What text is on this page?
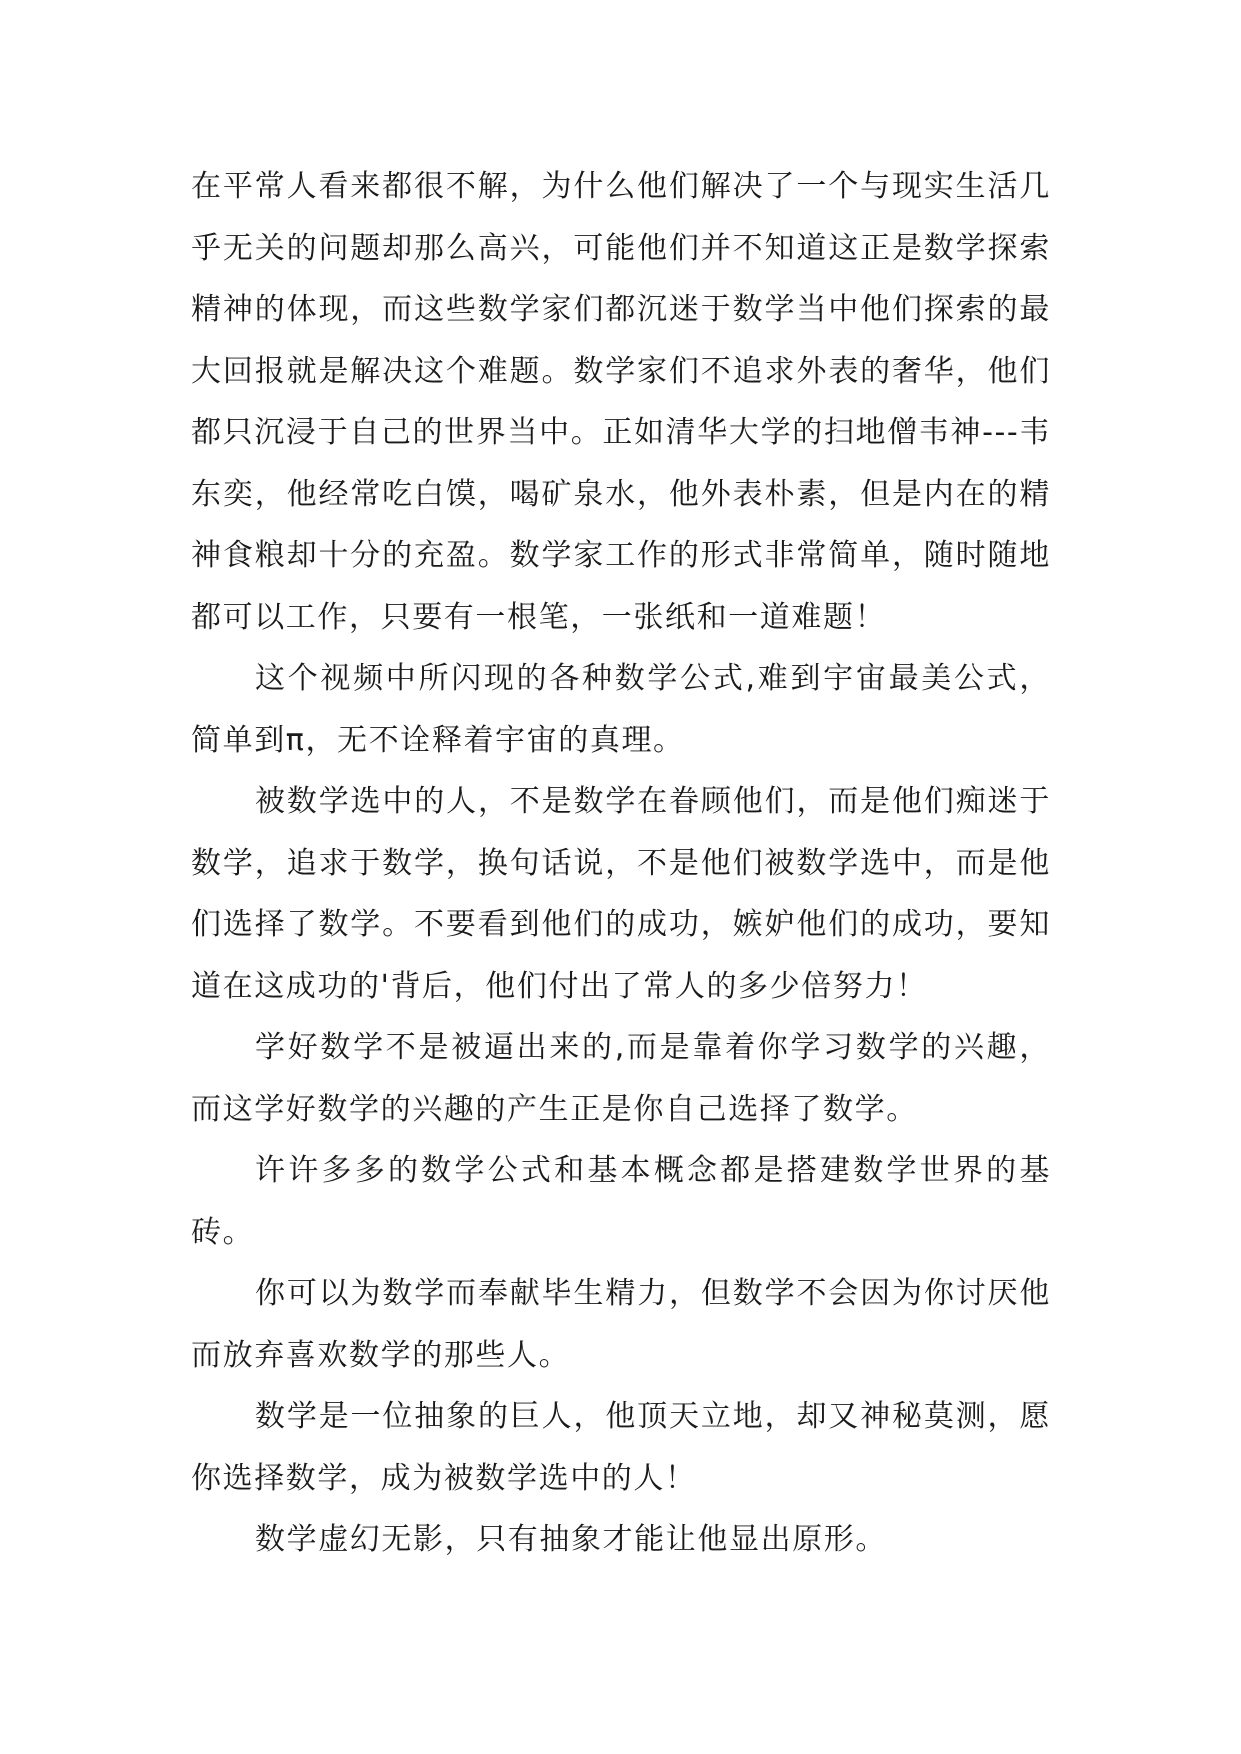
在平常人看来都很不解，为什么他们解决了一个与现实生活几乎无关的问题却那么高兴，可能他们并不知道这正是数学探索精神的体现，而这些数学家们都沉迷于数学当中他们探索的最大回报就是解决这个难题。数学家们不追求外表的奢华，他们都只沉浸于自己的世界当中。正如清华大学的扫地僧韦神---韦东奕，他经常吃白馍，喝矿泉水，他外表朴素，但是内在的精神食粮却十分的充盈。数学家工作的形式非常简单，随时随地都可以工作，只要有一根笔，一张纸和一道难题！

这个视频中所闪现的各种数学公式,难到宇宙最美公式，简单到π，无不诠释着宇宙的真理。

被数学选中的人，不是数学在眷顾他们，而是他们痴迷于数学，追求于数学，换句话说，不是他们被数学选中，而是他们选择了数学。不要看到他们的成功，嫉妒他们的成功，要知道在这成功的'背后，他们付出了常人的多少倍努力！

学好数学不是被逼出来的,而是靠着你学习数学的兴趣，而这学好数学的兴趣的产生正是你自己选择了数学。

许许多多的数学公式和基本概念都是搭建数学世界的基砖。

你可以为数学而奉献毕生精力，但数学不会因为你讨厌他而放弃喜欢数学的那些人。

数学是一位抽象的巨人，他顶天立地，却又神秘莫测，愿你选择数学，成为被数学选中的人！

数学虚幻无影，只有抽象才能让他显出原形。
